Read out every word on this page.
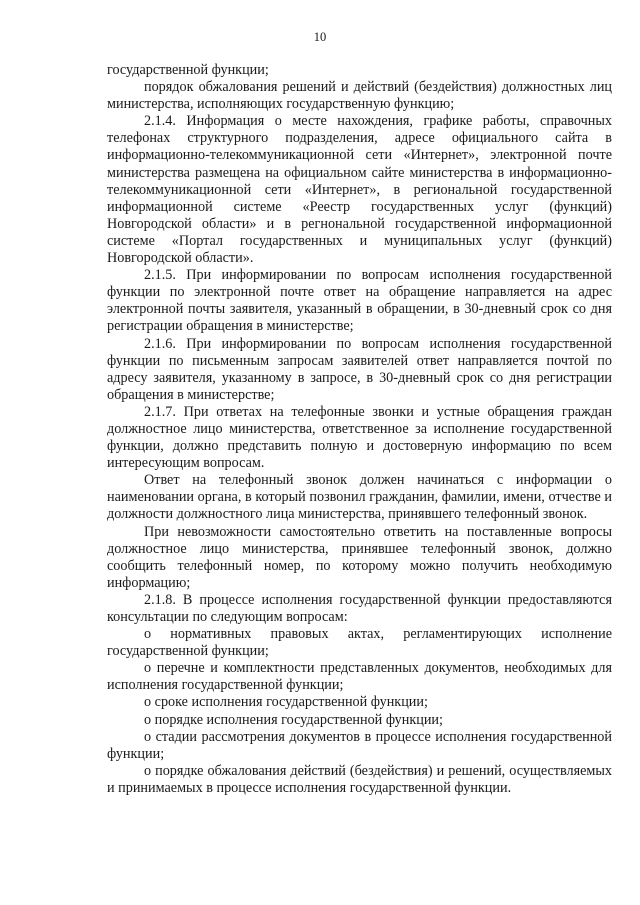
10

государственной функции;

порядок обжалования решений и действий (бездействия) должностных лиц министерства, исполняющих государственную функцию;

2.1.4. Информация о месте нахождения, графике работы, справочных телефонах структурного подразделения, адресе официального сайта в информационно-телекоммуникационной сети «Интернет», электронной почте министерства размещена на официальном сайте министерства в информационно-телекоммуникационной сети «Интернет», в региональной государственной информационной системе «Реестр государственных услуг (функций) Новгородской области» и в регнональной государственной информационной системе «Портал государственных и муниципальных услуг (функций) Новгородской области».

2.1.5. При информировании по вопросам исполнения государственной функции по электронной почте ответ на обращение направляется на адрес электронной почты заявителя, указанный в обращении, в 30-дневный срок со дня регистрации обращения в министерстве;

2.1.6. При информировании по вопросам исполнения государственной функции по письменным запросам заявителей ответ направляется почтой по адресу заявителя, указанному в запросе, в 30-дневный срок со дня регистрации обращения в министерстве;

2.1.7. При ответах на телефонные звонки и устные обращения граждан должностное лицо министерства, ответственное за исполнение государственной функции, должно представить полную и достоверную информацию по всем интересующим вопросам.

Ответ на телефонный звонок должен начинаться с информации о наименовании органа, в который позвонил гражданин, фамилии, имени, отчестве и должности должностного лица министерства, принявшего телефонный звонок.

При невозможности самостоятельно ответить на поставленные вопросы должностное лицо министерства, принявшее телефонный звонок, должно сообщить телефонный номер, по которому можно получить необходимую информацию;

2.1.8. В процессе исполнения государственной функции предоставляются консультации по следующим вопросам:

о нормативных правовых актах, регламентирующих исполнение государственной функции;

о перечне и комплектности представленных документов, необходимых для исполнения государственной функции;

о сроке исполнения государственной функции;

о порядке исполнения государственной функции;

о стадии рассмотрения документов в процессе исполнения государственной функции;

о порядке обжалования действий (бездействия) и решений, осуществляемых и принимаемых в процессе исполнения государственной функции.
